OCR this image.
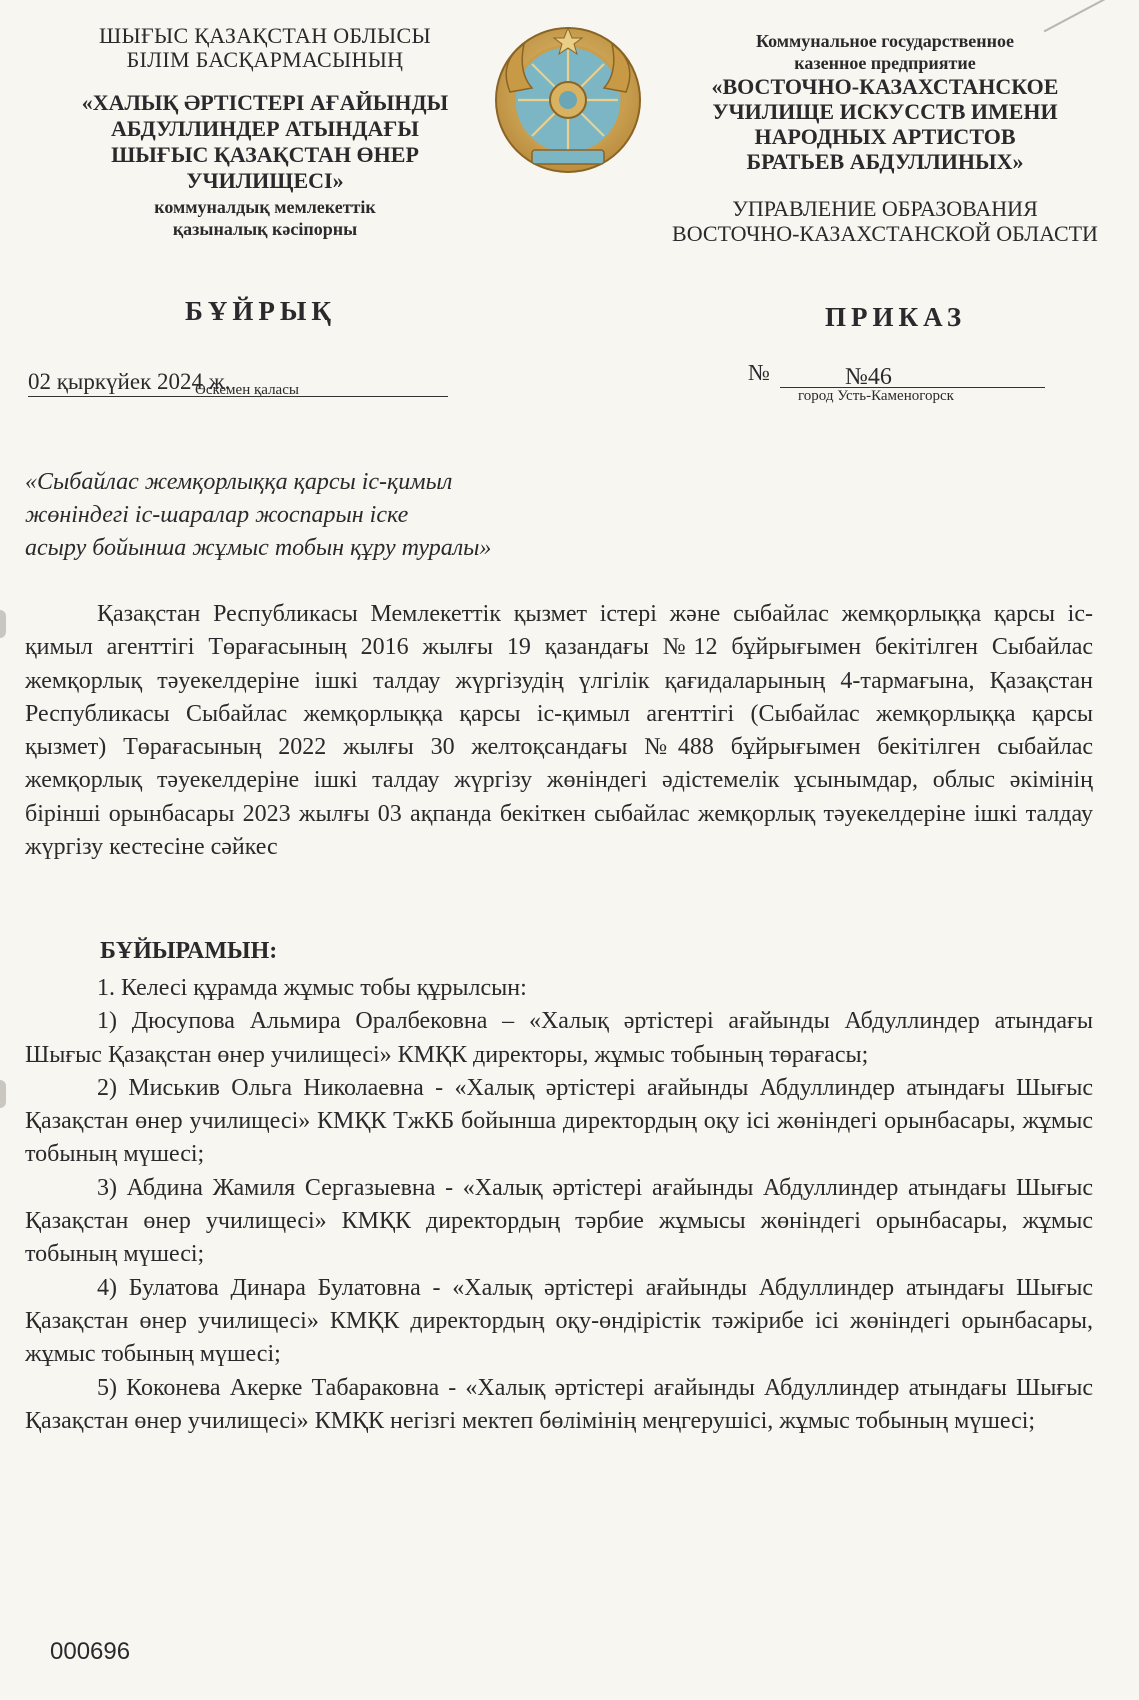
ШЫҒЫС ҚАЗАҚСТАН ОБЛЫСЫ
БІЛІМ БАСҚАРМАСЫНЫҢ
«ХАЛЫҚ ӘРТІСТЕРІ АҒАЙЫНДЫ
АБДУЛЛИНДЕР АТЫНДАҒЫ
ШЫҒЫС ҚАЗАҚСТАН ӨНЕР
УЧИЛИЩЕСІ»
коммуналдық мемлекеттік
қазыналық кәсіпорны
Коммунальное государственное
казенное предприятие
«ВОСТОЧНО-КАЗАХСТАНСКОЕ
УЧИЛИЩЕ ИСКУССТВ ИМЕНИ
НАРОДНЫХ АРТИСТОВ
БРАТЬЕВ АБДУЛЛИНЫХ»
УПРАВЛЕНИЕ ОБРАЗОВАНИЯ
ВОСТОЧНО-КАЗАХСТАНСКОЙ ОБЛАСТИ
БҰЙРЫҚ	ПРИКАЗ
02 қыркүйек 2024 ж.
Өскемен қаласы
№	№46
город Усть-Каменогорск
«Сыбайлас жемқорлыққа қарсы іс-қимыл
жөніндегі іс-шаралар жоспарын іске
асыру бойынша жұмыс тобын құру туралы»

Қазақстан Республикасы Мемлекеттік қызмет істері және сыбайлас жемқорлыққа қарсы іс-қимыл агенттігі Төрағасының 2016 жылғы 19 қазандағы №12 бұйрығымен бекітілген Сыбайлас жемқорлық тәуекелдеріне ішкі талдау жүргізудің үлгілік қағидаларының 4-тармағына, Қазақстан Республикасы Сыбайлас жемқорлыққа қарсы іс-қимыл агенттігі (Сыбайлас жемқорлыққа қарсы қызмет) Төрағасының 2022 жылғы 30 желтоқсандағы №488 бұйрығымен бекітілген сыбайлас жемқорлық тәуекелдеріне ішкі талдау жүргізу жөніндегі әдістемелік ұсынымдар, облыс әкімінің бірінші орынбасары 2023 жылғы 03 ақпанда бекіткен сыбайлас жемқорлық тәуекелдеріне ішкі талдау жүргізу кестесіне сәйкес

БҰЙЫРАМЫН:

1. Келесі құрамда жұмыс тобы құрылсын:

1) Дюсупова Альмира Оралбековна – «Халық әртістері ағайынды Абдуллиндер атындағы Шығыс Қазақстан өнер училищесі» КМҚК директоры, жұмыс тобының төрағасы;

2) Миськив Ольга Николаевна - «Халық әртістері ағайынды Абдуллиндер атындағы Шығыс Қазақстан өнер училищесі» КМҚК ТжКБ бойынша директордың оқу ісі жөніндегі орынбасары, жұмыс тобының мүшесі;

3) Абдина Жамиля Сергазыевна - «Халық әртістері ағайынды Абдуллиндер атындағы Шығыс Қазақстан өнер училищесі» КМҚК директордың тәрбие жұмысы жөніндегі орынбасары, жұмыс тобының мүшесі;

4) Булатова Динара Булатовна - «Халық әртістері ағайынды Абдуллиндер атындағы Шығыс Қазақстан өнер училищесі» КМҚК директордың оқу-өндірістік тәжірибе ісі жөніндегі орынбасары, жұмыс тобының мүшесі;

5) Коконева Акерке Табараковна - «Халық әртістері ағайынды Абдуллиндер атындағы Шығыс Қазақстан өнер училищесі» КМҚК негізгі мектеп бөлімінің меңгерушісі, жұмыс тобының мүшесі;

000696
